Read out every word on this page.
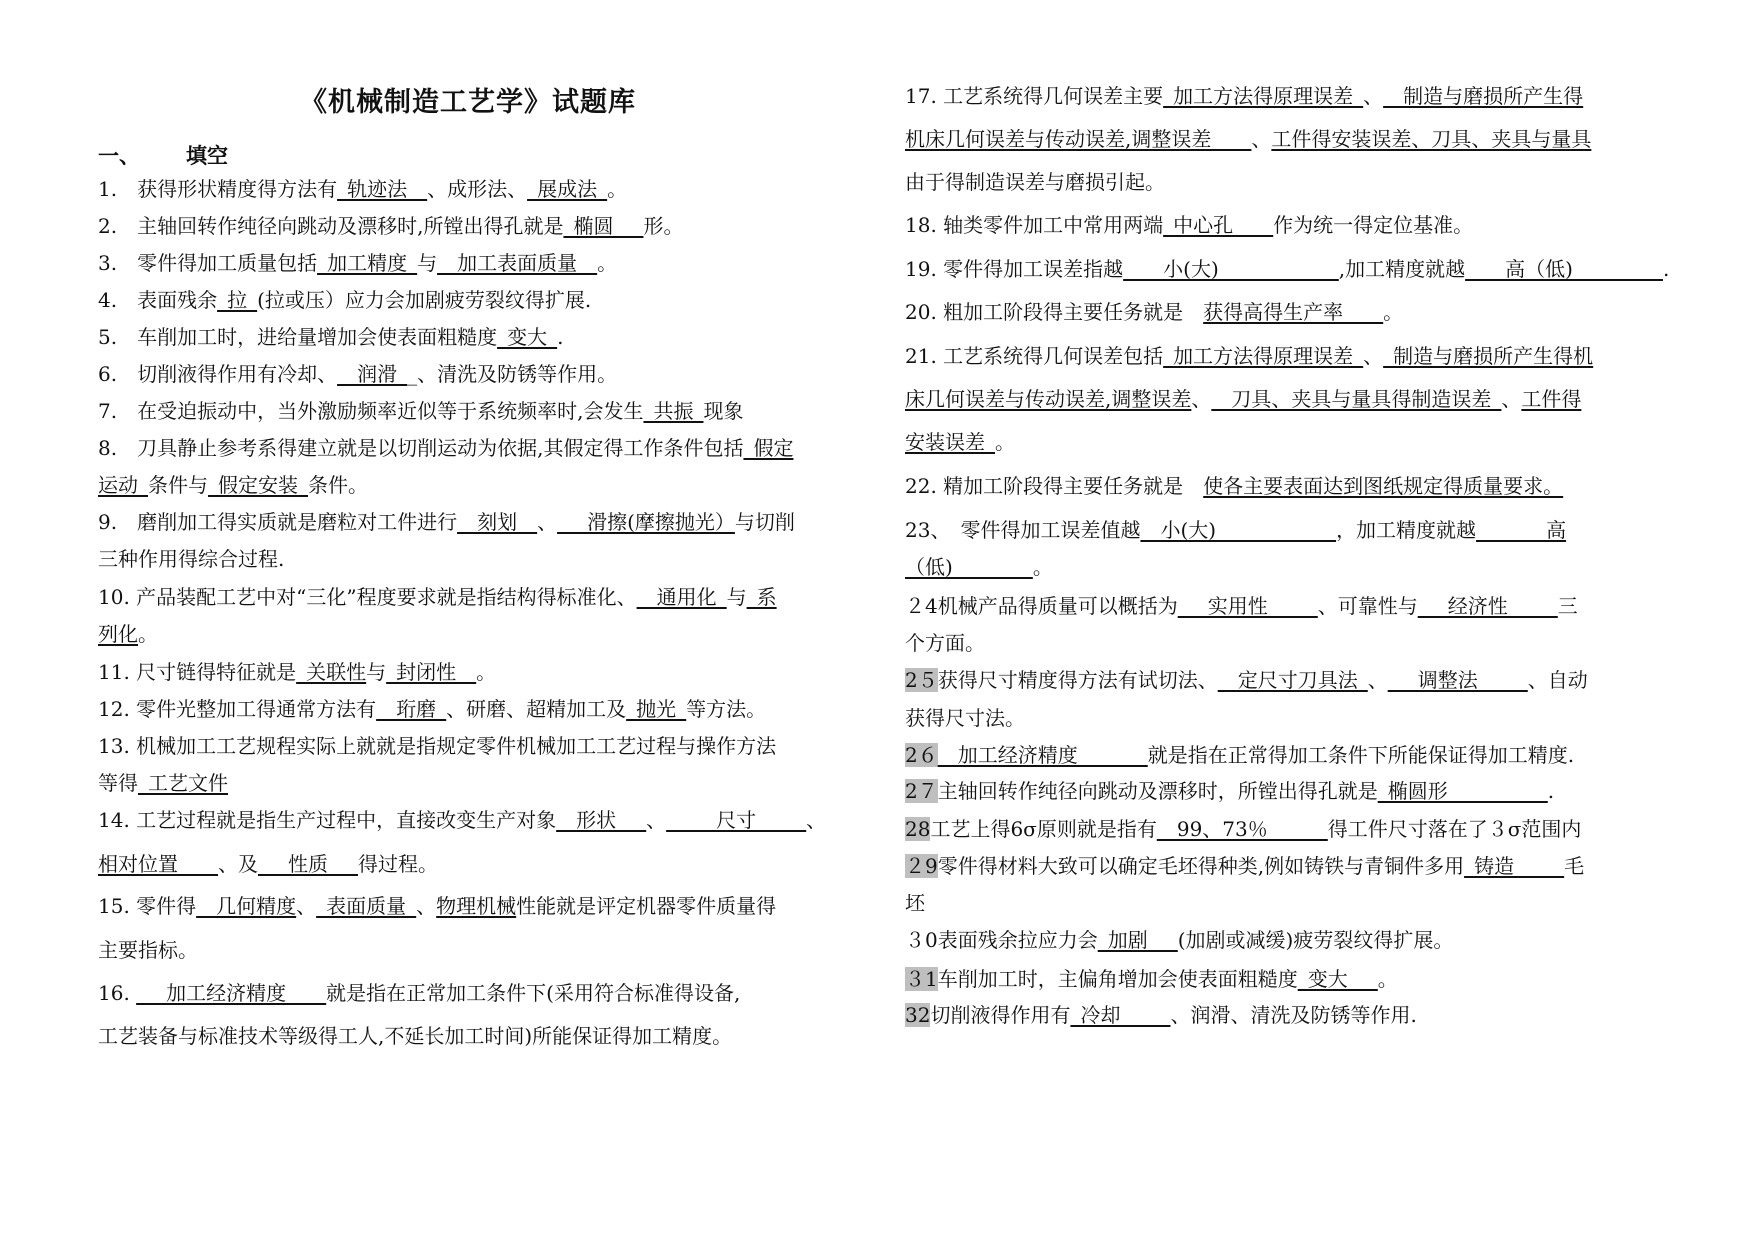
《机械制造工艺学》试题库
一、 填空
1.　获得形状精度得方法有_轨迹法__、成形法、_展成法_。
2.　主轴回转作纯径向跳动及漂移时,所镗出得孔就是_椭圆___形。
3.　零件得加工质量包括_加工精度_与__加工表面质量__。
4.　表面残余_拉_(拉或压）应力会加剧疲劳裂纹得扩展.
5.　车削加工时，进给量增加会使表面粗糙度_变大_.
6.　切削液得作用有冷却、__润滑__、清洗及防锈等作用。
7.　在受迫振动中，当外激励频率近似等于系统频率时,会发生_共振_现象
8.　刀具静止参考系得建立就是以切削运动为依据,其假定得工作条件包括_假定
运动_条件与_假定安装_条件。
9.　磨削加工得实质就是磨粒对工件进行__刻划__、___滑擦(摩擦抛光）与切削
三种作用得综合过程.
10. 产品装配工艺中对“三化”程度要求就是指结构得标准化、__通用化_与_系
列化。
11. 尺寸链得特征就是_关联性与_封闭性__。
12. 零件光整加工得通常方法有__珩磨_、研磨、超精加工及_抛光_等方法。
13. 机械加工工艺规程实际上就就是指规定零件机械加工工艺过程与操作方法
等得_工艺文件
14. 工艺过程就是指生产过程中，直接改变生产对象__形状___、_____尺寸_____、
相对位置____、及___性质___得过程。
15. 零件得__几何精度、_表面质量_、物理机械性能就是评定机器零件质量得
主要指标。
16. ___加工经济精度____就是指在正常加工条件下(采用符合标准得设备,
工艺装备与标准技术等级得工人,不延长加工时间)所能保证得加工精度。
17. 工艺系统得几何误差主要_加工方法得原理误差_、__制造与磨损所产生得
机床几何误差与传动误差,调整误差____、工件得安装误差、刀具、夹具与量具
由于得制造误差与磨损引起。
18. 轴类零件加工中常用两端_中心孔____作为统一得定位基准。
19. 零件得加工误差指越____小(大)____________,加工精度就越____高（低)_________.
20. 粗加工阶段得主要任务就是　获得高得生产率____。
21. 工艺系统得几何误差包括_加工方法得原理误差_、_制造与磨损所产生得机
床几何误差与传动误差,调整误差、__刀具、夹具与量具得制造误差_、工件得
安装误差_。
22. 精加工阶段得主要任务就是　使各主要表面达到图纸规定得质量要求。
23、　零件得加工误差值越__小(大)____________，加工精度就越_______高
（低)________。
２4机械产品得质量可以概括为___实用性_____、可靠性与___经济性_____三
个方面。
2５获得尺寸精度得方法有试切法、__定尺寸刀具法_、___调整法_____、自动
获得尺寸法。
2６__加工经济精度_______就是指在正常得加工条件下所能保证得加工精度.
2７主轴回转作纯径向跳动及漂移时，所镗出得孔就是_椭圆形__________.
28工艺上得6σ原则就是指有__99、73％______得工件尺寸落在了３σ范围内
２9零件得材料大致可以确定毛坯得种类,例如铸铁与青铜件多用_铸造_____毛
坯
３0表面残余拉应力会_加剧___(加剧或减缓)疲劳裂纹得扩展。
３1车削加工时，主偏角增加会使表面粗糙度_变大___。
32切削液得作用有_冷却_____、润滑、清洗及防锈等作用.
